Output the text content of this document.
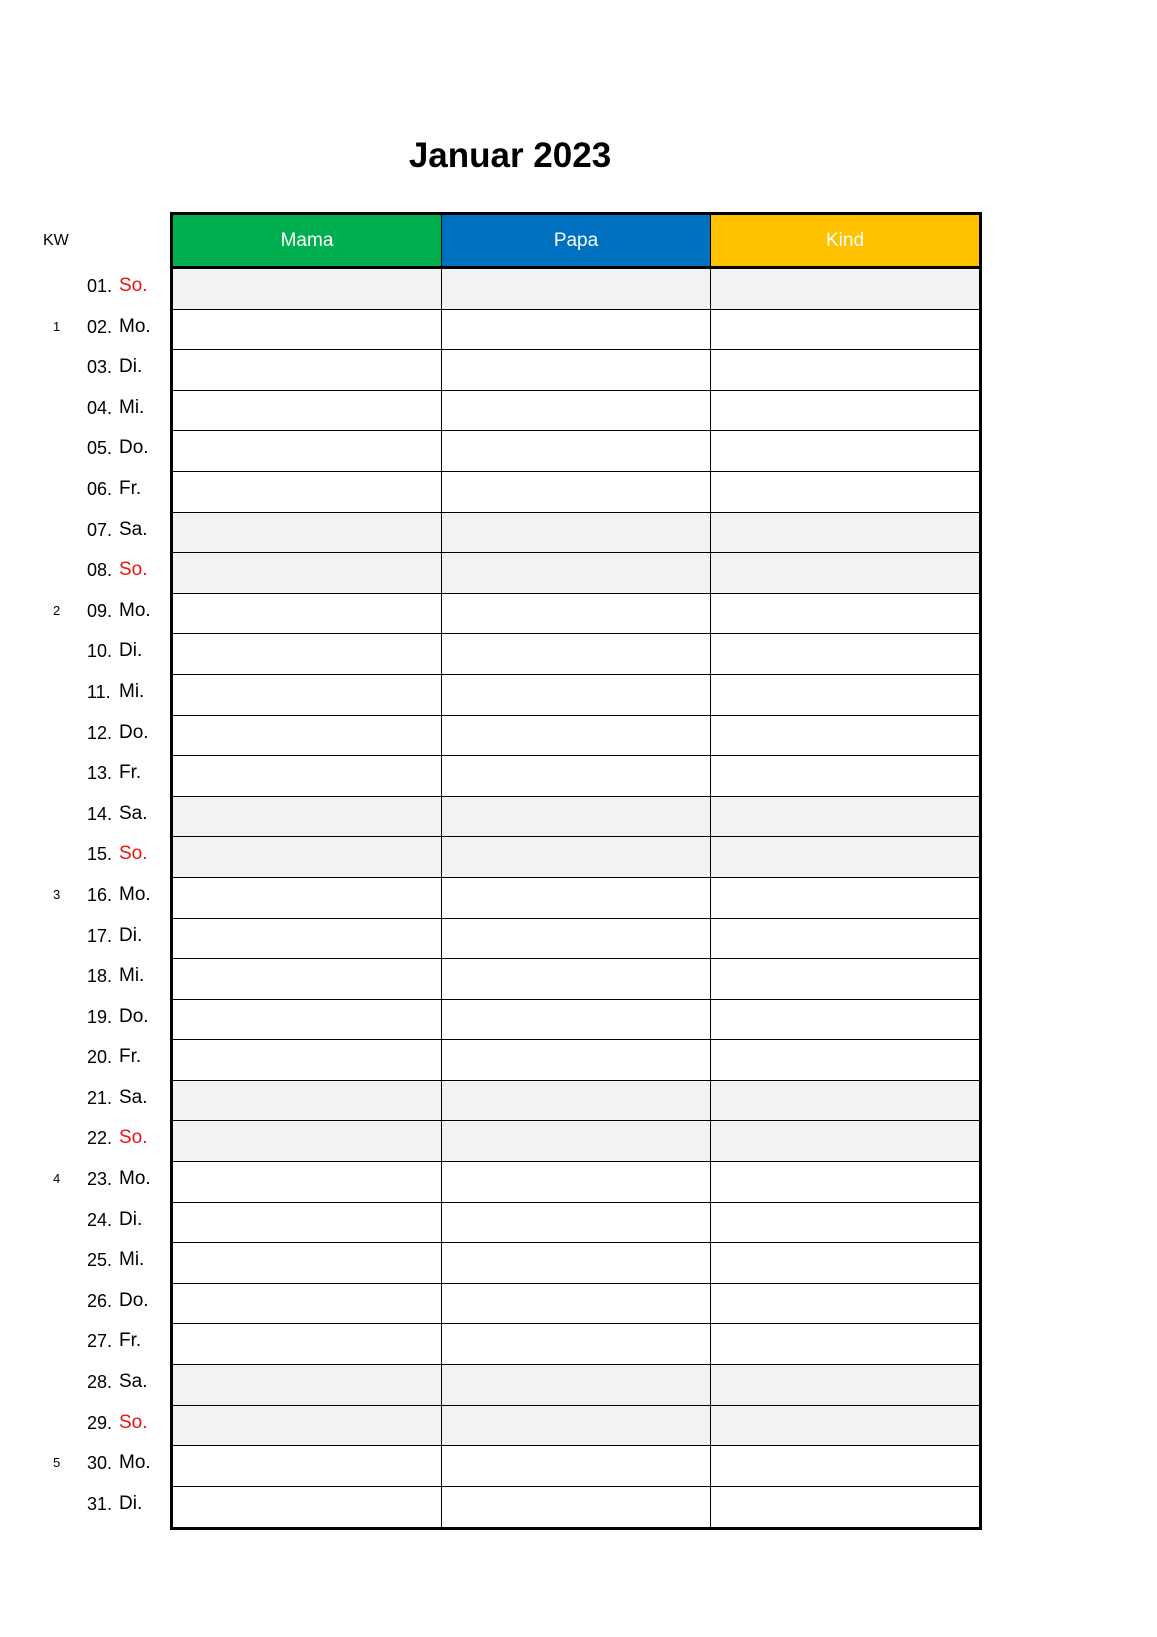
Januar 2023
KW	Mama	Papa	Kind
01. So.
1 02. Mo.
03. Di.
04. Mi.
05. Do.
06. Fr.
07. Sa.
08. So.
2 09. Mo.
10. Di.
11. Mi.
12. Do.
13. Fr.
14. Sa.
15. So.
3 16. Mo.
17. Di.
18. Mi.
19. Do.
20. Fr.
21. Sa.
22. So.
4 23. Mo.
24. Di.
25. Mi.
26. Do.
27. Fr.
28. Sa.
29. So.
5 30. Mo.
31. Di.
